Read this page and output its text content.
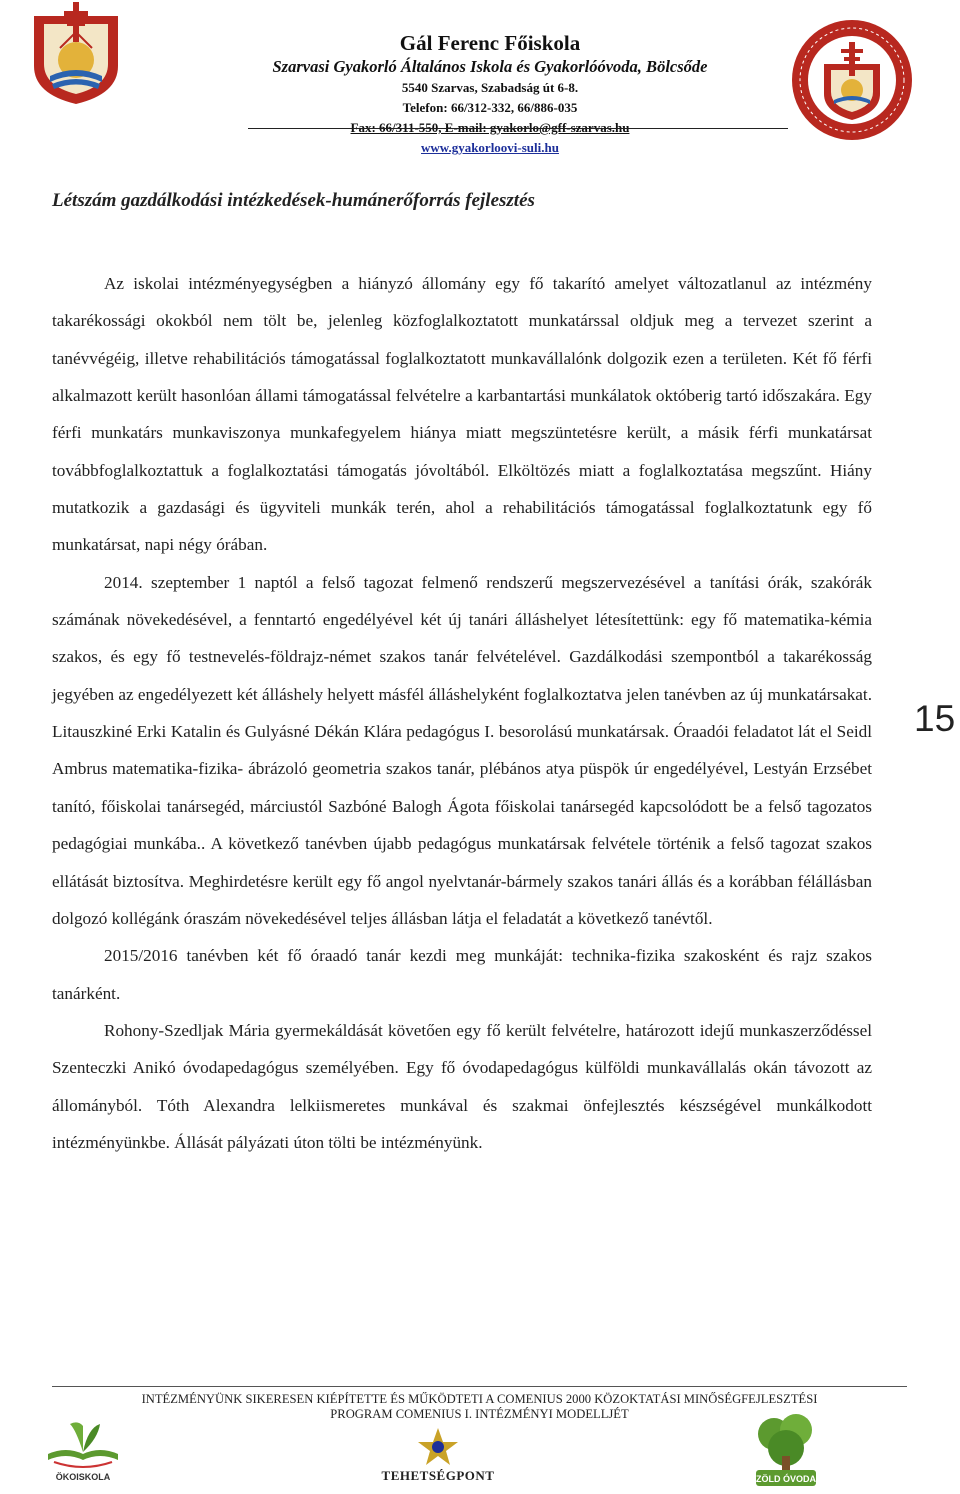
Gál Ferenc Főiskola
Szarvasi Gyakorló Általános Iskola és Gyakorlóóvoda, Bölcsőde
5540 Szarvas, Szabadság út 6-8.
Telefon: 66/312-332, 66/886-035
Fax: 66/311-550, E-mail: gyakorlo@gff-szarvas.hu
www.gyakorloovi-suli.hu
Létszám gazdálkodási intézkedések-humánerőforrás fejlesztés

Az iskolai intézményegységben a hiányzó állomány egy fő takarító amelyet változatlanul az intézmény takarékossági okokból nem tölt be, jelenleg közfoglalkoztatott munkatárssal oldjuk meg a tervezet szerint a tanévvégéig, illetve rehabilitációs támogatással foglalkoztatott munkavállalónk dolgozik ezen a területen. Két fő férfi alkalmazott került hasonlóan állami támogatással felvételre a karbantartási munkálatok októberig tartó időszakára. Egy férfi munkatárs munkaviszonya munkafegyelem hiánya miatt megszüntetésre került, a másik férfi munkatársat továbbfoglalkoztattuk a foglalkoztatási támogatás jóvoltából. Elköltözés miatt a foglalkoztatása megszűnt. Hiány mutatkozik a gazdasági és ügyviteli munkák terén, ahol a rehabilitációs támogatással foglalkoztatunk egy fő munkatársat, napi négy órában.

2014. szeptember 1 naptól a felső tagozat felmenő rendszerű megszervezésével a tanítási órák, szakórák számának növekedésével, a fenntartó engedélyével két új tanári álláshelyet létesítettünk: egy fő matematika-kémia szakos, és egy fő testnevelés-földrajz-német szakos tanár felvételével. Gazdálkodási szempontból a takarékosság jegyében az engedélyezett két álláshely helyett másfél álláshelyként foglalkoztatva jelen tanévben az új munkatársakat. Litauszkiné Erki Katalin és Gulyásné Dékán Klára pedagógus I. besorolású munkatársak. Óraadói feladatot lát el Seidl Ambrus matematika-fizika- ábrázoló geometria szakos tanár, plébános atya püspök úr engedélyével, Lestyán Erzsébet tanító, főiskolai tanársegéd, márciustól Sazbóné Balogh Ágota főiskolai tanársegéd kapcsolódott be a felső tagozatos pedagógiai munkába.. A következő tanévben újabb pedagógus munkatársak felvétele történik a felső tagozat szakos ellátását biztosítva. Meghirdetésre került egy fő angol nyelvtanár-bármely szakos tanári állás és a korábban félállásban dolgozó kollégánk óraszám növekedésével teljes állásban látja el feladatát a következő tanévtől.

2015/2016 tanévben két fő óraadó tanár kezdi meg munkáját: technika-fizika szakosként és rajz szakos tanárként.

Rohony-Szedljak Mária gyermekáldását követően egy fő került felvételre, határozott idejű munkaszerződéssel Szenteczki Anikó óvodapedagógus személyében. Egy fő óvodapedagógus külföldi munkavállalás okán távozott az állományból. Tóth Alexandra lelkiismeretes munkával és szakmai önfejlesztés készségével munkálkodott intézményünkbe. Állását pályázati úton tölti be intézményünk.

15
INTÉZMÉNYÜNK SIKERESEN KIÉPÍTETTE ÉS MŰKÖDTETI A COMENIUS 2000 KÖZOKTATÁSI MINŐSÉGFEJLESZTÉSI
PROGRAM COMENIUS I. INTÉZMÉNYI MODELLJÉT
ÖKOISKOLA	TEHETSÉGPONT	ZÖLD ÓVODA
